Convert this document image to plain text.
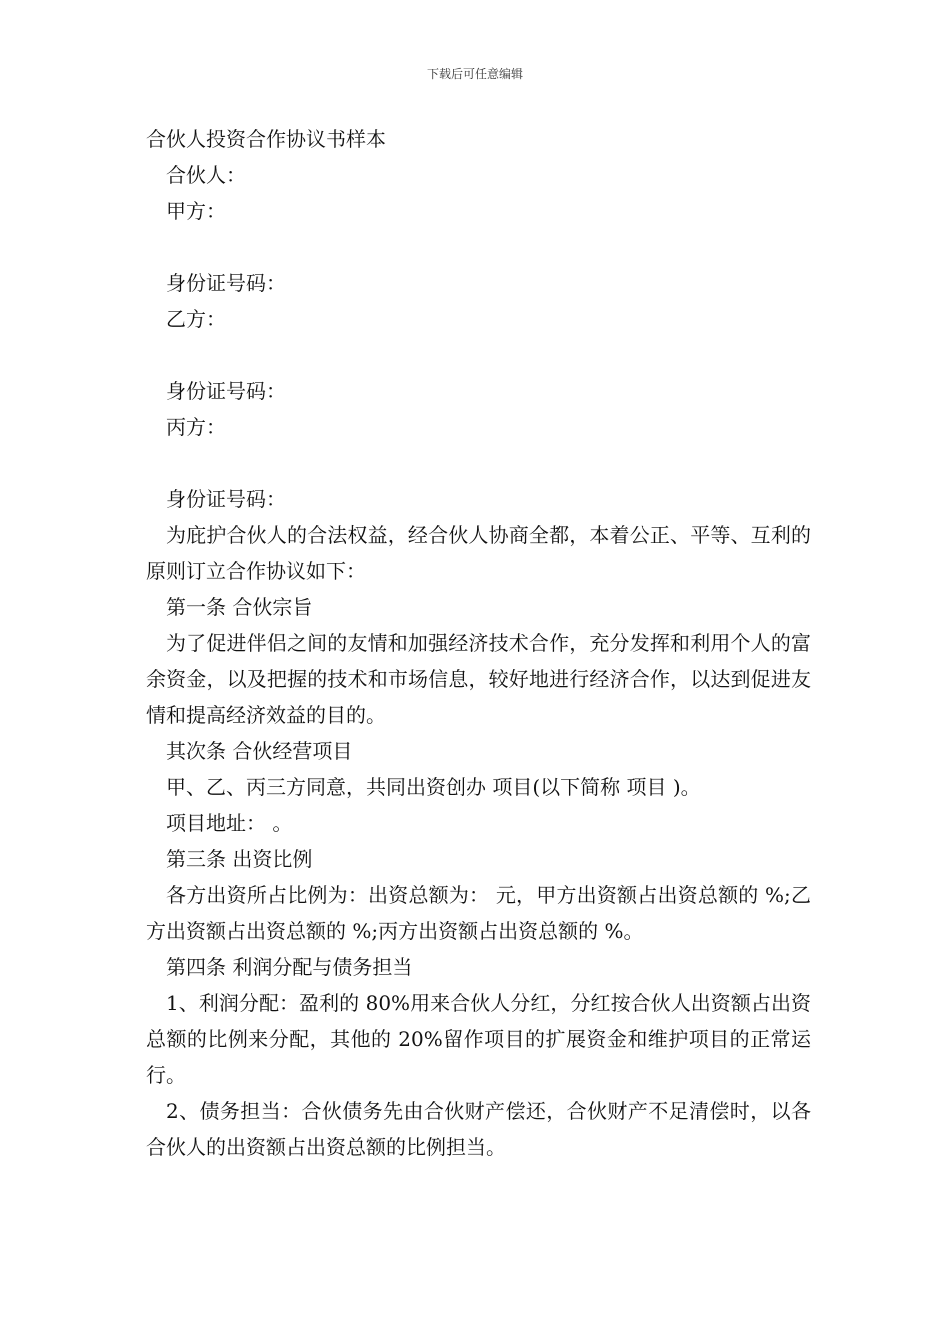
下载后可任意编辑
合伙人投资合作协议书样本

合伙人：

甲方：

身份证号码：

乙方：

身份证号码：

丙方：

身份证号码：

为庇护合伙人的合法权益，经合伙人协商全都，本着公正、平等、互利的原则订立合作协议如下：

第一条 合伙宗旨

为了促进伴侣之间的友情和加强经济技术合作，充分发挥和利用个人的富余资金，以及把握的技术和市场信息，较好地进行经济合作，以达到促进友情和提高经济效益的目的。

其次条 合伙经营项目

甲、乙、丙三方同意，共同出资创办 项目(以下简称 项目 )。

项目地址： 。

第三条 出资比例

各方出资所占比例为：出资总额为： 元，甲方出资额占出资总额的 %;乙方出资额占出资总额的 %;丙方出资额占出资总额的 %。

第四条 利润分配与债务担当

1、利润分配：盈利的 80%用来合伙人分红，分红按合伙人出资额占出资总额的比例来分配，其他的 20%留作项目的扩展资金和维护项目的正常运行。

2、债务担当：合伙债务先由合伙财产偿还，合伙财产不足清偿时，以各合伙人的出资额占出资总额的比例担当。
